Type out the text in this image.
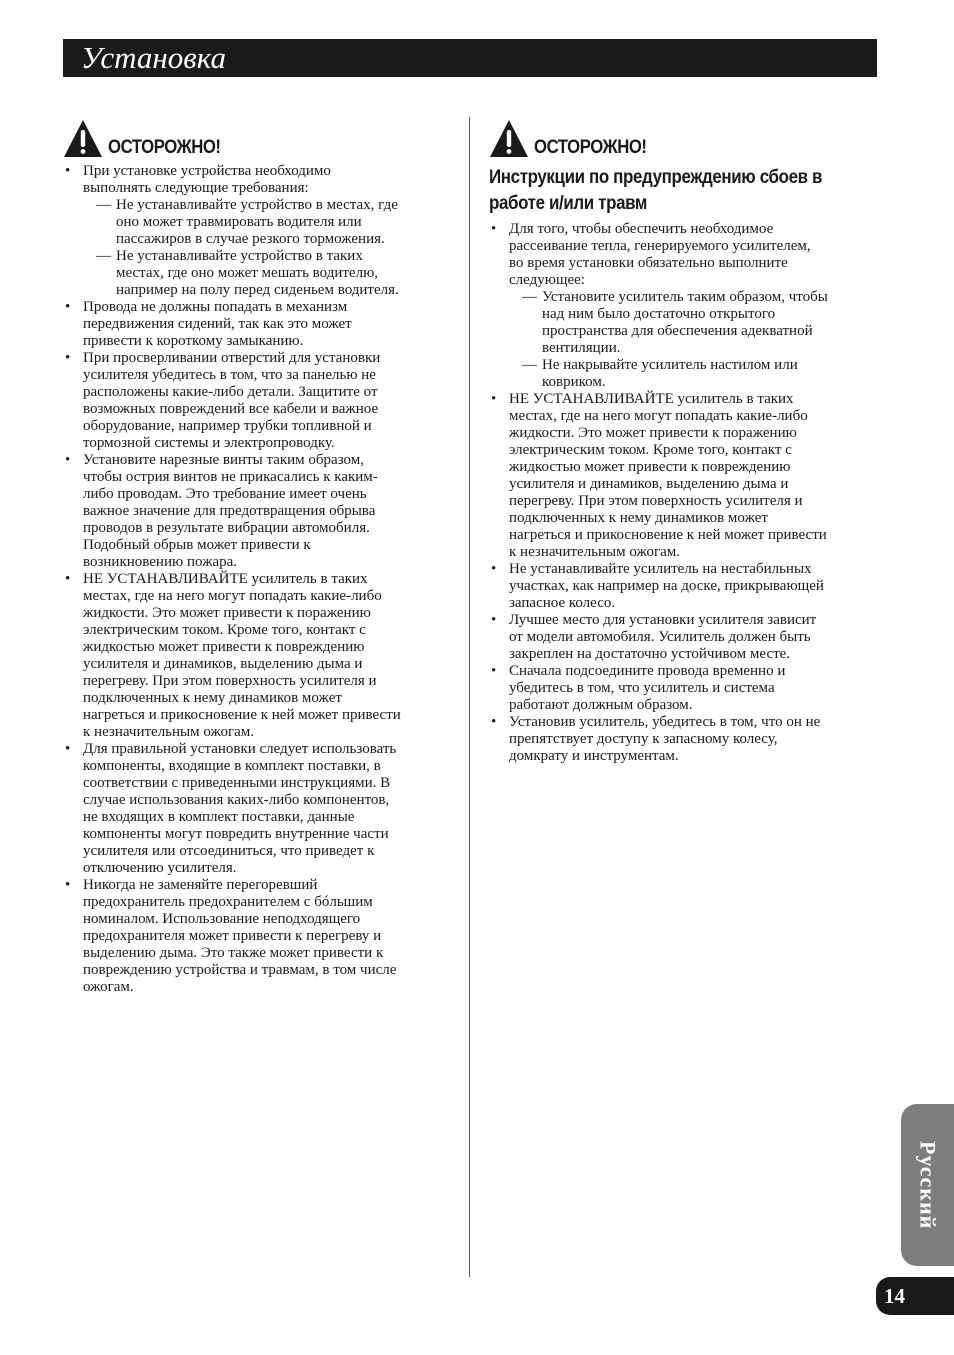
Установка
ОСТОРОЖНО!
• При установке устройства необходимо
выполнять следующие требования:
— Не устанавливайте устройство в местах, где
оно может травмировать водителя или
пассажиров в случае резкого торможения.
— Не устанавливайте устройство в таких
местах, где оно может мешать водителю,
например на полу перед сиденьем водителя.
• Провода не должны попадать в механизм
передвижения сидений, так как это может
привести к короткому замыканию.
• При просверливании отверстий для установки
усилителя убедитесь в том, что за панелью не
расположены какие-либо детали. Защитите от
возможных повреждений все кабели и важное
оборудование, например трубки топливной и
тормозной системы и электропроводку.
• Установите нарезные винты таким образом,
чтобы острия винтов не прикасались к каким-
либо проводам. Это требование имеет очень
важное значение для предотвращения обрыва
проводов в результате вибрации автомобиля.
Подобный обрыв может привести к
возникновению пожара.
• НЕ УСТАНАВЛИВАЙТЕ усилитель в таких
местах, где на него могут попадать какие-либо
жидкости. Это может привести к поражению
электрическим током. Кроме того, контакт с
жидкостью может привести к повреждению
усилителя и динамиков, выделению дыма и
перегреву. При этом поверхность усилителя и
подключенных к нему динамиков может
нагреться и прикосновение к ней может привести
к незначительным ожогам.
• Для правильной установки следует использовать
компоненты, входящие в комплект поставки, в
соответствии с приведенными инструкциями. В
случае использования каких-либо компонентов,
не входящих в комплект поставки, данные
компоненты могут повредить внутренние части
усилителя или отсоединиться, что приведет к
отключению усилителя.
• Никогда не заменяйте перегоревший
предохранитель предохранителем с бóльшим
номиналом. Использование неподходящего
предохранителя может привести к перегреву и
выделению дыма. Это также может привести к
повреждению устройства и травмам, в том числе
ожогам.
ОСТОРОЖНО!
Инструкции по предупреждению сбоев в
работе и/или травм
• Для того, чтобы обеспечить необходимое
рассеивание тепла, генерируемого усилителем,
во время установки обязательно выполните
следующее:
— Установите усилитель таким образом, чтобы
над ним было достаточно открытого
пространства для обеспечения адекватной
вентиляции.
— Не накрывайте усилитель настилом или
ковриком.
• НЕ УСТАНАВЛИВАЙТЕ усилитель в таких
местах, где на него могут попадать какие-либо
жидкости. Это может привести к поражению
электрическим током. Кроме того, контакт с
жидкостью может привести к повреждению
усилителя и динамиков, выделению дыма и
перегреву. При этом поверхность усилителя и
подключенных к нему динамиков может
нагреться и прикосновение к ней может привести
к незначительным ожогам.
• Не устанавливайте усилитель на нестабильных
участках, как например на доске, прикрывающей
запасное колесо.
• Лучшее место для установки усилителя зависит
от модели автомобиля. Усилитель должен быть
закреплен на достаточно устойчивом месте.
• Сначала подсоедините провода временно и
убедитесь в том, что усилитель и система
работают должным образом.
• Установив усилитель, убедитесь в том, что он не
препятствует доступу к запасному колесу,
домкрату и инструментам.
Русский
14
